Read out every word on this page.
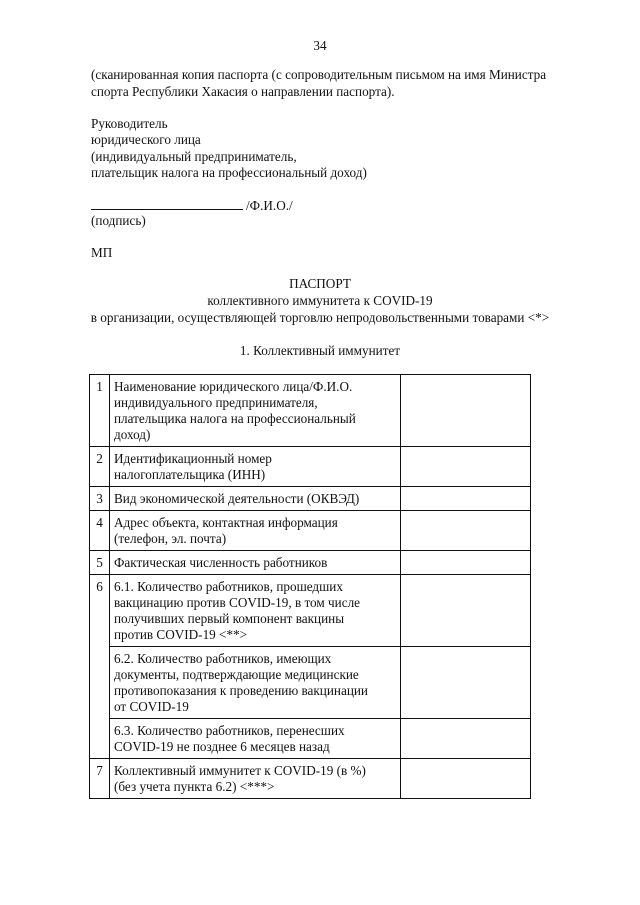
34
(сканированная копия паспорта (с сопроводительным письмом на имя Министра
спорта Республики Хакасия о направлении паспорта).
Руководитель
юридического лица
(индивидуальный предприниматель,
плательщик налога на профессиональный доход)
/Ф.И.О./
(подпись)
МП
ПАСПОРТ
коллективного иммунитета к COVID-19
в организации, осуществляющей торговлю непродовольственными товарами <*>
1. Коллективный иммунитет
1	Наименование юридического лица/Ф.И.О.
индивидуального предпринимателя,
плательщика налога на профессиональный
доход)	

2	Идентификационный номер
налогоплательщика (ИНН)	

3	Вид экономической деятельности (ОКВЭД)	

4	Адрес объекта, контактная информация
(телефон, эл. почта)	

5	Фактическая численность работников	

6	6.1. Количество работников, прошедших
вакцинацию против COVID-19, в том числе
получивших первый компонент вакцины
против COVID-19 <**>	

	6.2. Количество работников, имеющих
документы, подтверждающие медицинские
противопоказания к проведению вакцинации
от COVID-19	

	6.3. Количество работников, перенесших
COVID-19 не позднее 6 месяцев назад	

7	Коллективный иммунитет к COVID-19 (в %)
(без учета пункта 6.2) <***>	
